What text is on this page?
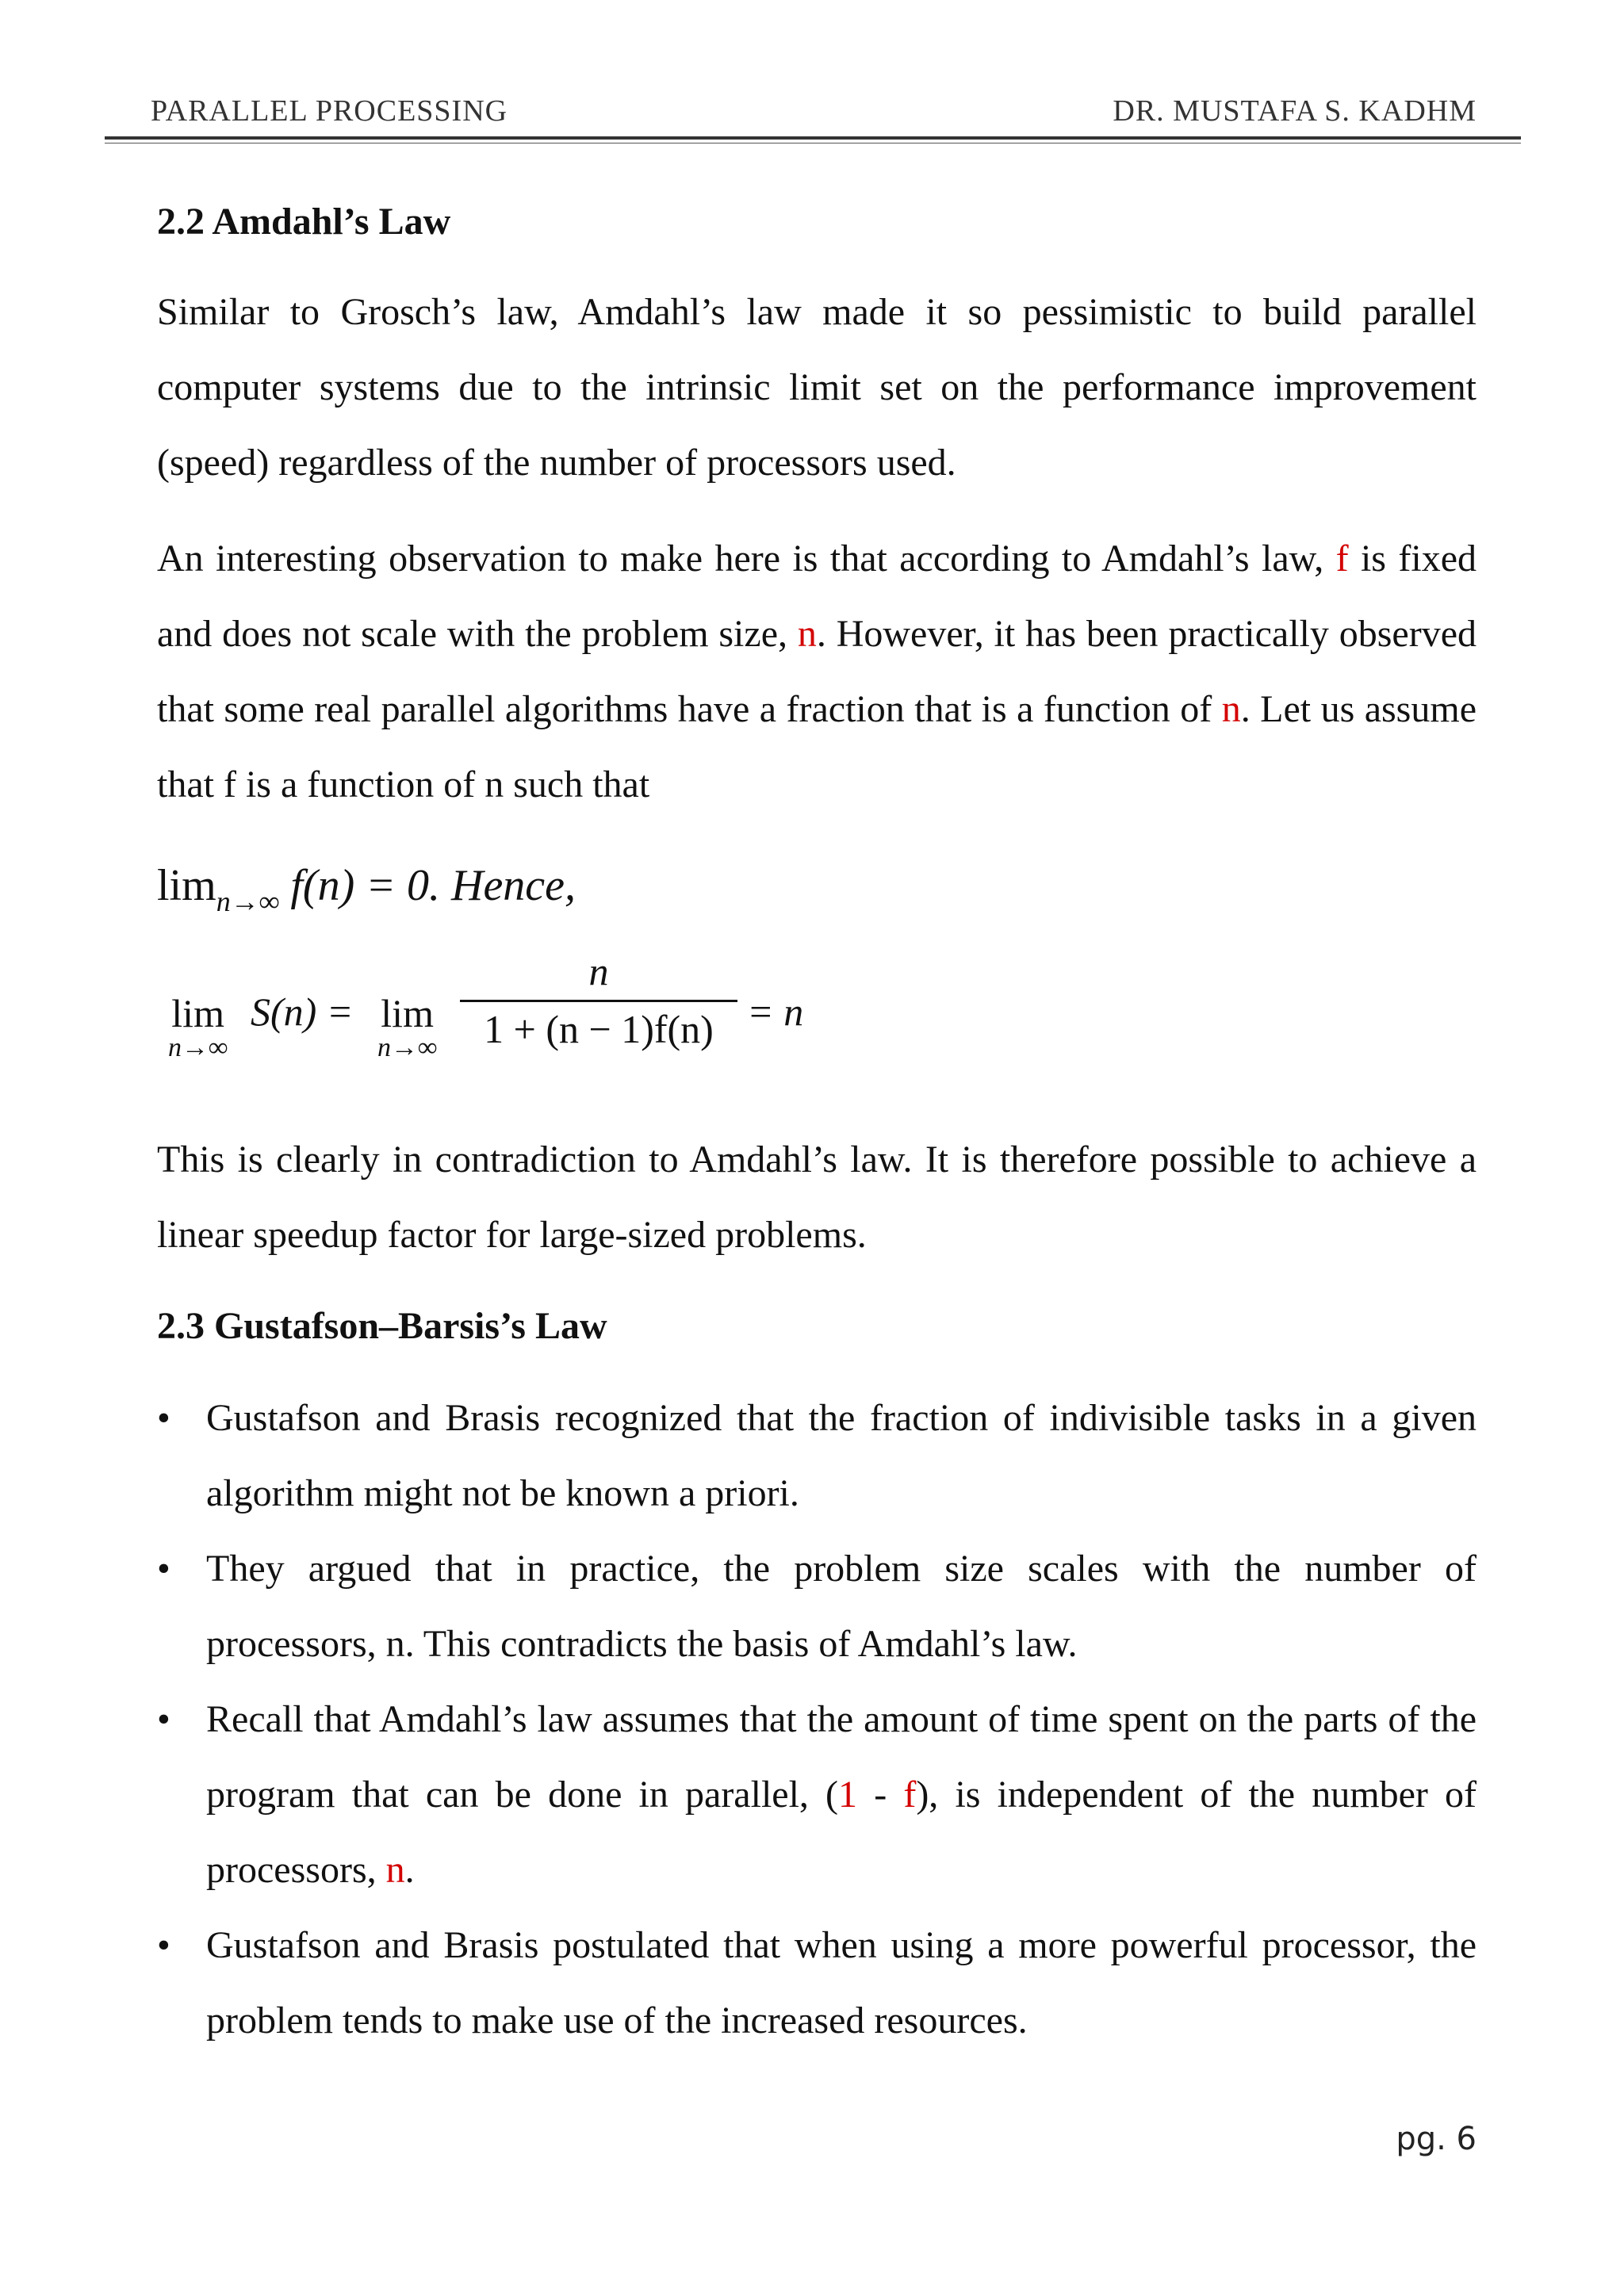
PARALLEL PROCESSING	DR. MUSTAFA S. KADHM
2.2 Amdahl’s Law

Similar to Grosch’s law, Amdahl’s law made it so pessimistic to build parallel computer systems due to the intrinsic limit set on the performance improvement (speed) regardless of the number of processors used.

An interesting observation to make here is that according to Amdahl’s law, f is fixed and does not scale with the problem size, n. However, it has been practically observed that some real parallel algorithms have a fraction that is a function of n. Let us assume that f is a function of n such that

$\lim_{n\to\infty} f(n) = 0$. Hence,
lim
n→∞
S(n) = lim
n→∞
n
1 + (n − 1)f(n) = n

This is clearly in contradiction to Amdahl’s law. It is therefore possible to achieve a linear speedup factor for large-sized problems.

2.3 Gustafson–Barsis’s Law
• Gustafson and Brasis recognized that the fraction of indivisible tasks in a given algorithm might not be known a priori.
• They argued that in practice, the problem size scales with the number of processors, n. This contradicts the basis of Amdahl’s law.
• Recall that Amdahl’s law assumes that the amount of time spent on the parts of the program that can be done in parallel, (1 - f), is independent of the number of processors, n.
• Gustafson and Brasis postulated that when using a more powerful processor, the problem tends to make use of the increased resources.
pg. 6
